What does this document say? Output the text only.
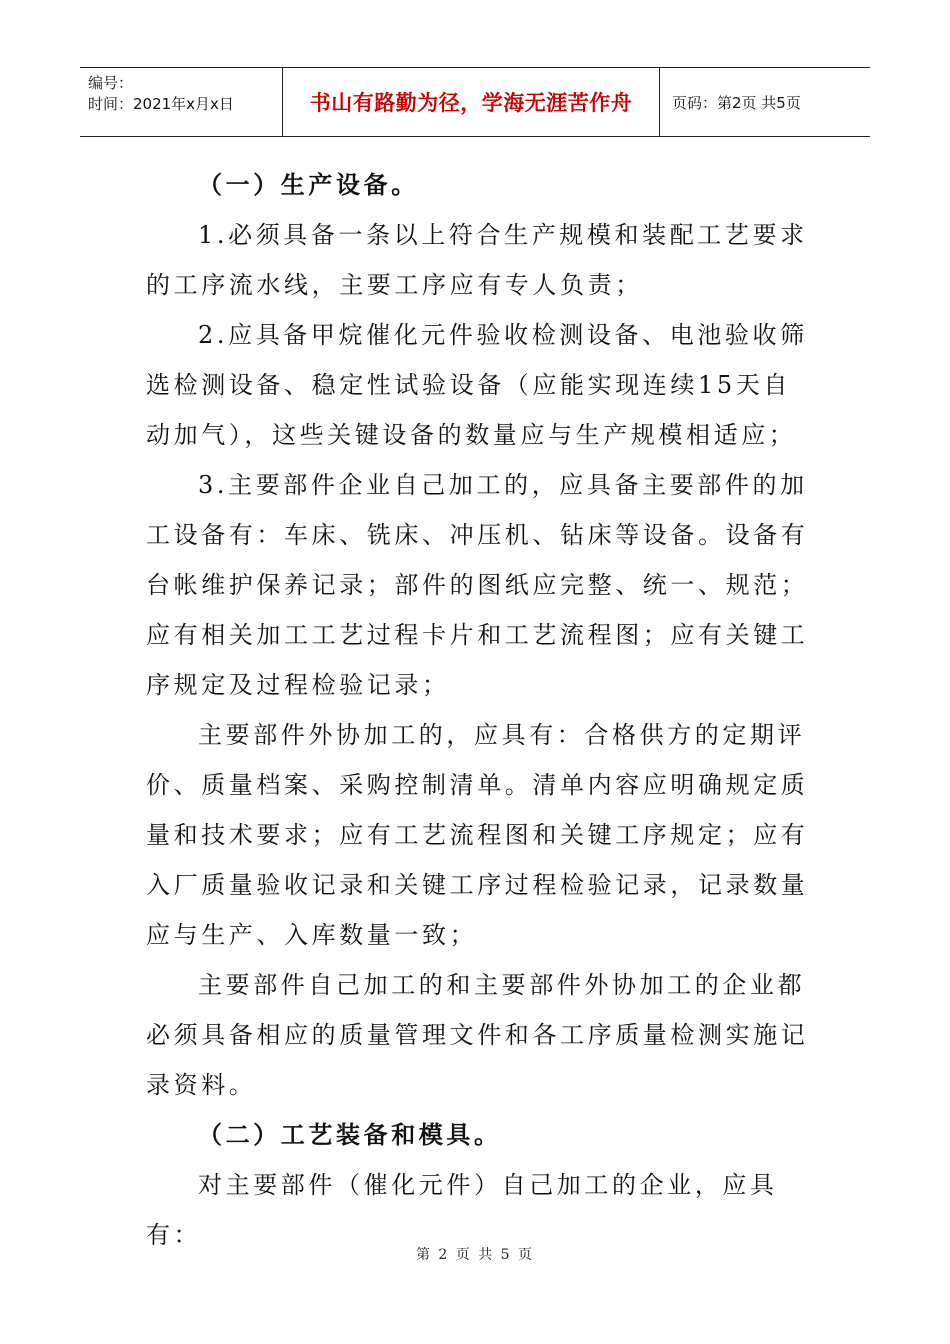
编号：
时间：2021年x月x日	书山有路勤为径，学海无涯苦作舟	页码：第2页 共5页

（一）生产设备。

1.必须具备一条以上符合生产规模和装配工艺要求的工序流水线，主要工序应有专人负责；

2.应具备甲烷催化元件验收检测设备、电池验收筛选检测设备、稳定性试验设备（应能实现连续15天自动加气），这些关键设备的数量应与生产规模相适应；

3.主要部件企业自己加工的，应具备主要部件的加工设备有：车床、铣床、冲压机、钻床等设备。设备有台帐维护保养记录；部件的图纸应完整、统一、规范；应有相关加工工艺过程卡片和工艺流程图；应有关键工序规定及过程检验记录；

主要部件外协加工的，应具有：合格供方的定期评价、质量档案、采购控制清单。清单内容应明确规定质量和技术要求；应有工艺流程图和关键工序规定；应有入厂质量验收记录和关键工序过程检验记录，记录数量应与生产、入库数量一致；

主要部件自己加工的和主要部件外协加工的企业都必须具备相应的质量管理文件和各工序质量检测实施记录资料。

（二）工艺装备和模具。

对主要部件（催化元件）自己加工的企业，应具有：

第 2 页 共 5 页
